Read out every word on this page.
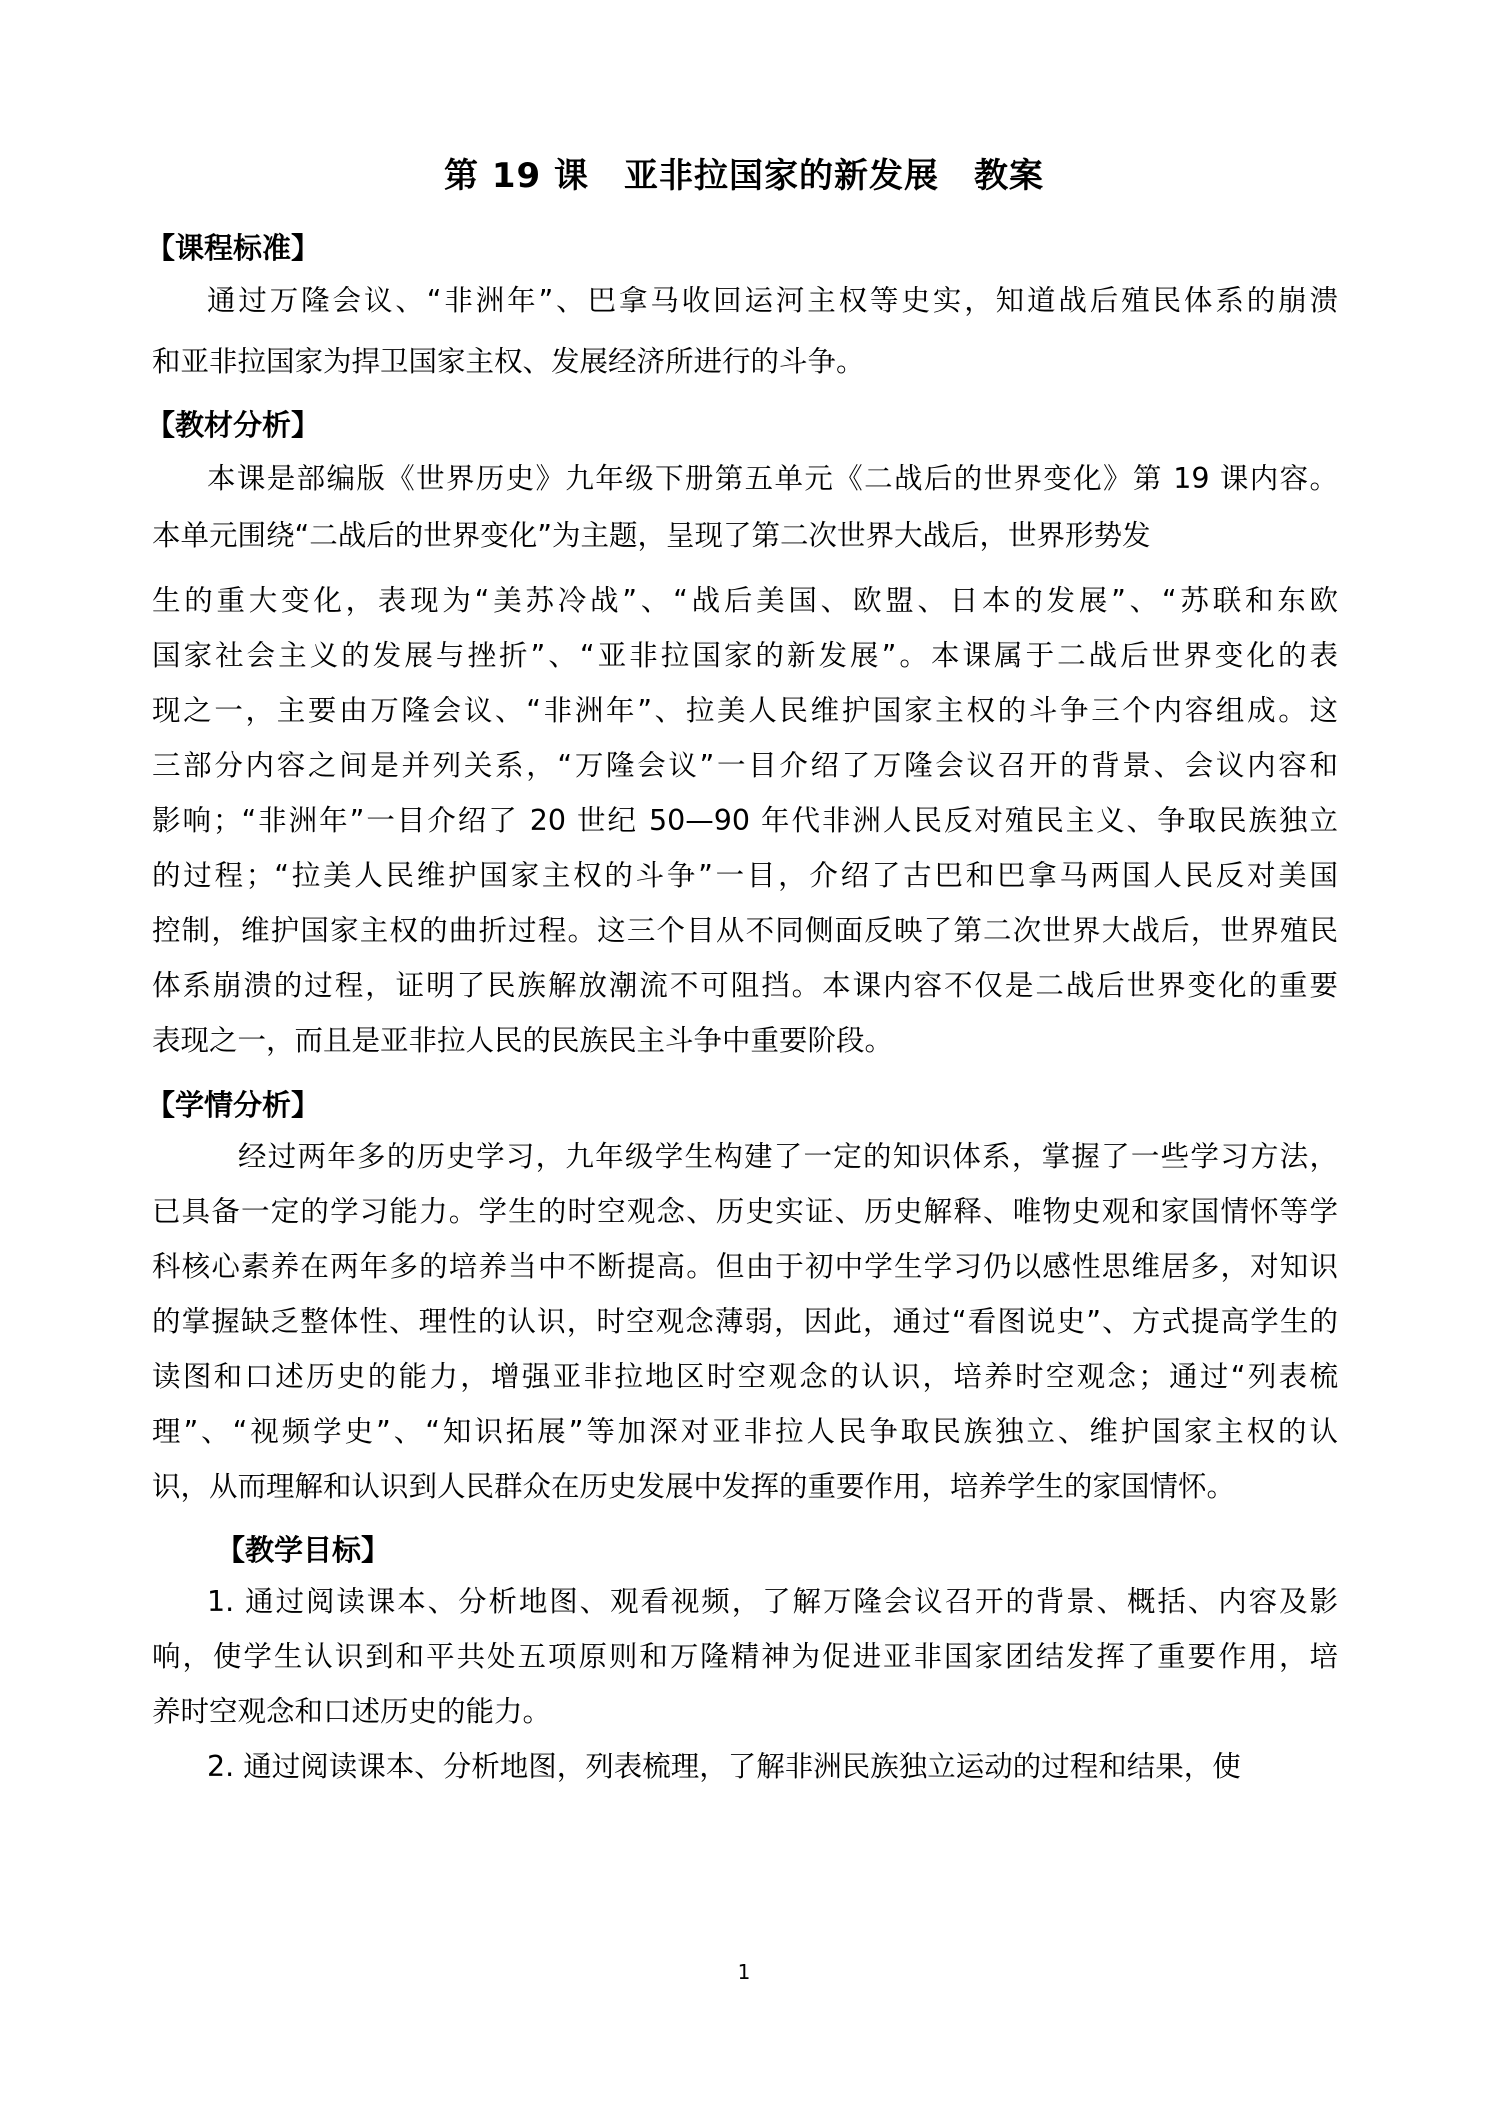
第 19 课　亚非拉国家的新发展　教案
【课程标准】
通过万隆会议、“非洲年”、巴拿马收回运河主权等史实，知道战后殖民体系的崩溃
和亚非拉国家为捍卫国家主权、发展经济所进行的斗争。
【教材分析】
本课是部编版《世界历史》九年级下册第五单元《二战后的世界变化》第 19 课内容。
本单元围绕“二战后的世界变化”为主题，呈现了第二次世界大战后，世界形势发
生的重大变化，表现为“美苏冷战”、“战后美国、欧盟、日本的发展”、“苏联和东欧
国家社会主义的发展与挫折”、“亚非拉国家的新发展”。本课属于二战后世界变化的表
现之一，主要由万隆会议、“非洲年”、拉美人民维护国家主权的斗争三个内容组成。这
三部分内容之间是并列关系，“万隆会议”一目介绍了万隆会议召开的背景、会议内容和
影响；“非洲年”一目介绍了 20 世纪 50—90 年代非洲人民反对殖民主义、争取民族独立
的过程；“拉美人民维护国家主权的斗争”一目，介绍了古巴和巴拿马两国人民反对美国
控制，维护国家主权的曲折过程。这三个目从不同侧面反映了第二次世界大战后，世界殖民
体系崩溃的过程，证明了民族解放潮流不可阻挡。本课内容不仅是二战后世界变化的重要
表现之一，而且是亚非拉人民的民族民主斗争中重要阶段。
【学情分析】
经过两年多的历史学习，九年级学生构建了一定的知识体系，掌握了一些学习方法，
已具备一定的学习能力。学生的时空观念、历史实证、历史解释、唯物史观和家国情怀等学
科核心素养在两年多的培养当中不断提高。但由于初中学生学习仍以感性思维居多，对知识
的掌握缺乏整体性、理性的认识，时空观念薄弱，因此，通过“看图说史”、方式提高学生的
读图和口述历史的能力，增强亚非拉地区时空观念的认识，培养时空观念；通过“列表梳
理”、“视频学史”、“知识拓展”等加深对亚非拉人民争取民族独立、维护国家主权的认
识，从而理解和认识到人民群众在历史发展中发挥的重要作用，培养学生的家国情怀。
【教学目标】
1. 通过阅读课本、分析地图、观看视频，了解万隆会议召开的背景、概括、内容及影
响，使学生认识到和平共处五项原则和万隆精神为促进亚非国家团结发挥了重要作用，培
养时空观念和口述历史的能力。
2. 通过阅读课本、分析地图，列表梳理，了解非洲民族独立运动的过程和结果，使
1
